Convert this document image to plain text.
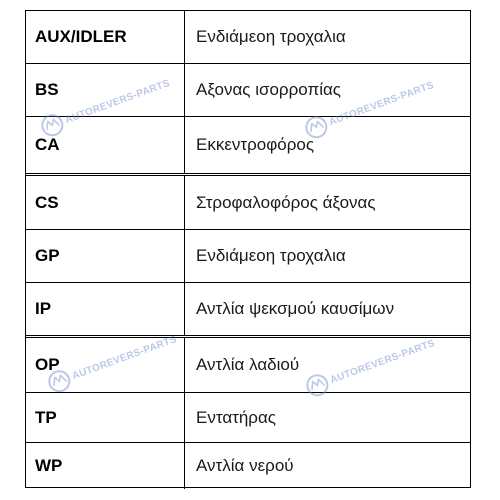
AUX/IDLER	Ενδιάμεοη τροχαλια
BS	Αξονας ισορροπίας
CA	Εκκεντροφόρος
CS	Στροφαλοφόρος άξονας
GP	Ενδιάμεοη τροχαλια
IP	Αντλία ψεκσμού καυσίμων
OP	Αντλία λαδιού
TP	Εντατήρας
WP	Αντλία νερού
AUTOREVERS-PARTS	AUTOREVERS-PARTS
AUTOREVERS-PARTS	AUTOREVERS-PARTS
